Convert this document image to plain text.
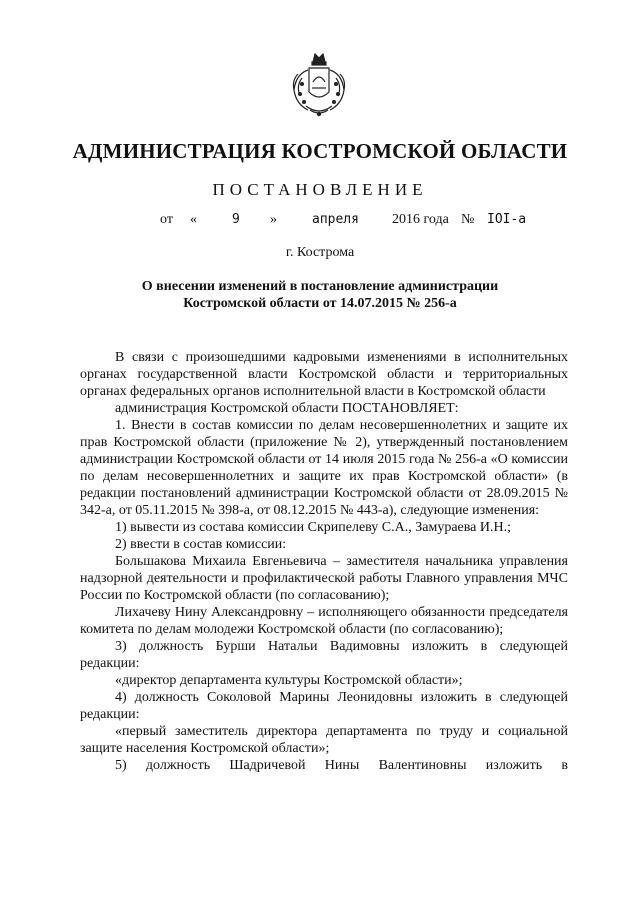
АДМИНИСТРАЦИЯ КОСТРОМСКОЙ ОБЛАСТИ
ПОСТАНОВЛЕНИЕ
от «	9 »	апреля 2016 года № IOI-а
г. Кострома
О внесении изменений в постановление администрации
Костромской области от 14.07.2015 № 256-а

В связи с произошедшими кадровыми изменениями в исполнительных органах государственной власти Костромской области и территориальных органах федеральных органов исполнительной власти в Костромской области

администрация Костромской области ПОСТАНОВЛЯЕТ:

1. Внести в состав комиссии по делам несовершеннолетних и защите их прав Костромской области (приложение № 2), утвержденный постановлением администрации Костромской области от 14 июля 2015 года № 256-а «О комиссии по делам несовершеннолетних и защите их прав Костромской области» (в редакции постановлений администрации Костромской области от 28.09.2015 № 342-а, от 05.11.2015 № 398-а, от 08.12.2015 № 443-а), следующие изменения:

1) вывести из состава комиссии Скрипелеву С.А., Замураева И.Н.;

2) ввести в состав комиссии:

Большакова Михаила Евгеньевича – заместителя начальника управления надзорной деятельности и профилактической работы Главного управления МЧС России по Костромской области (по согласованию);

Лихачеву Нину Александровну – исполняющего обязанности председателя комитета по делам молодежи Костромской области (по согласованию);

3) должность Бурши Натальи Вадимовны изложить в следующей редакции:

«директор департамента культуры Костромской области»;

4) должность Соколовой Марины Леонидовны изложить в следующей редакции:

«первый заместитель директора департамента по труду и социальной защите населения Костромской области»;

5) должность Шадричевой Нины Валентиновны изложить в
